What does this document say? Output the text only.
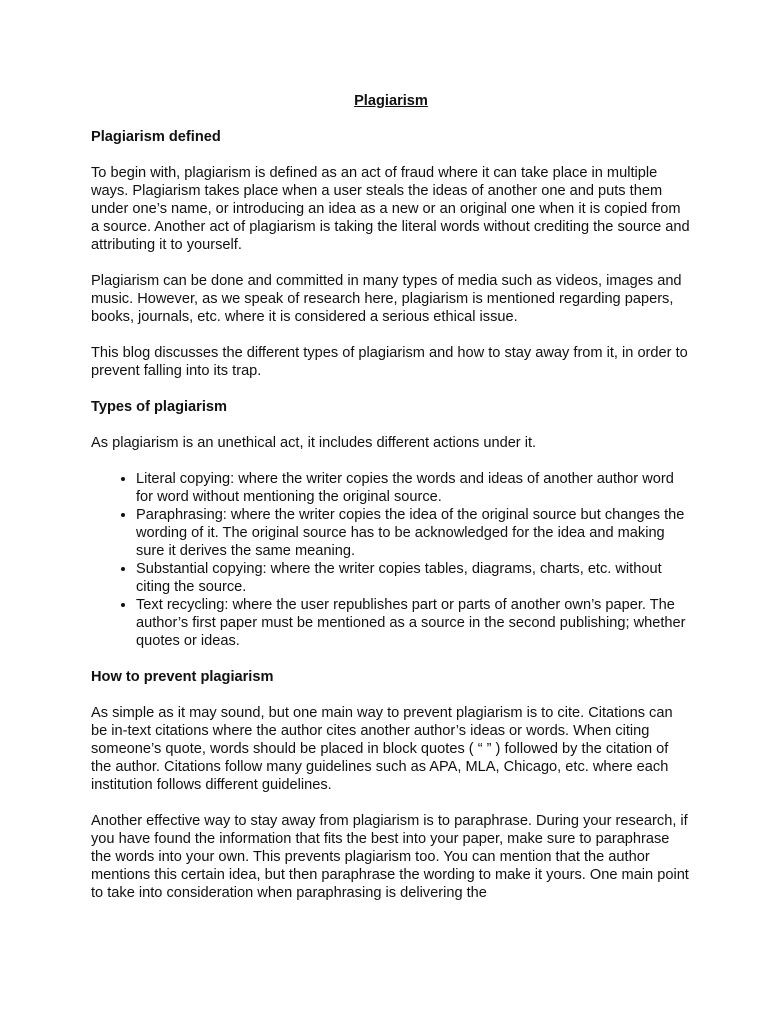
Plagiarism
Plagiarism defined

To begin with, plagiarism is defined as an act of fraud where it can take place in multiple ways. Plagiarism takes place when a user steals the ideas of another one and puts them under one’s name, or introducing an idea as a new or an original one when it is copied from a source. Another act of plagiarism is taking the literal words without crediting the source and attributing it to yourself.

Plagiarism can be done and committed in many types of media such as videos, images and music. However, as we speak of research here, plagiarism is mentioned regarding papers, books, journals, etc. where it is considered a serious ethical issue.

This blog discusses the different types of plagiarism and how to stay away from it, in order to prevent falling into its trap.

Types of plagiarism

As plagiarism is an unethical act, it includes different actions under it.

• Literal copying: where the writer copies the words and ideas of another author word for word without mentioning the original source.
• Paraphrasing: where the writer copies the idea of the original source but changes the wording of it. The original source has to be acknowledged for the idea and making sure it derives the same meaning.
• Substantial copying: where the writer copies tables, diagrams, charts, etc. without citing the source.
• Text recycling: where the user republishes part or parts of another own’s paper. The author’s first paper must be mentioned as a source in the second publishing; whether quotes or ideas.
How to prevent plagiarism

As simple as it may sound, but one main way to prevent plagiarism is to cite. Citations can be in-text citations where the author cites another author’s ideas or words. When citing someone’s quote, words should be placed in block quotes ( “ ” ) followed by the citation of the author. Citations follow many guidelines such as APA, MLA, Chicago, etc. where each institution follows different guidelines.

Another effective way to stay away from plagiarism is to paraphrase. During your research, if you have found the information that fits the best into your paper, make sure to paraphrase the words into your own. This prevents plagiarism too. You can mention that the author mentions this certain idea, but then paraphrase the wording to make it yours. One main point to take into consideration when paraphrasing is delivering the
